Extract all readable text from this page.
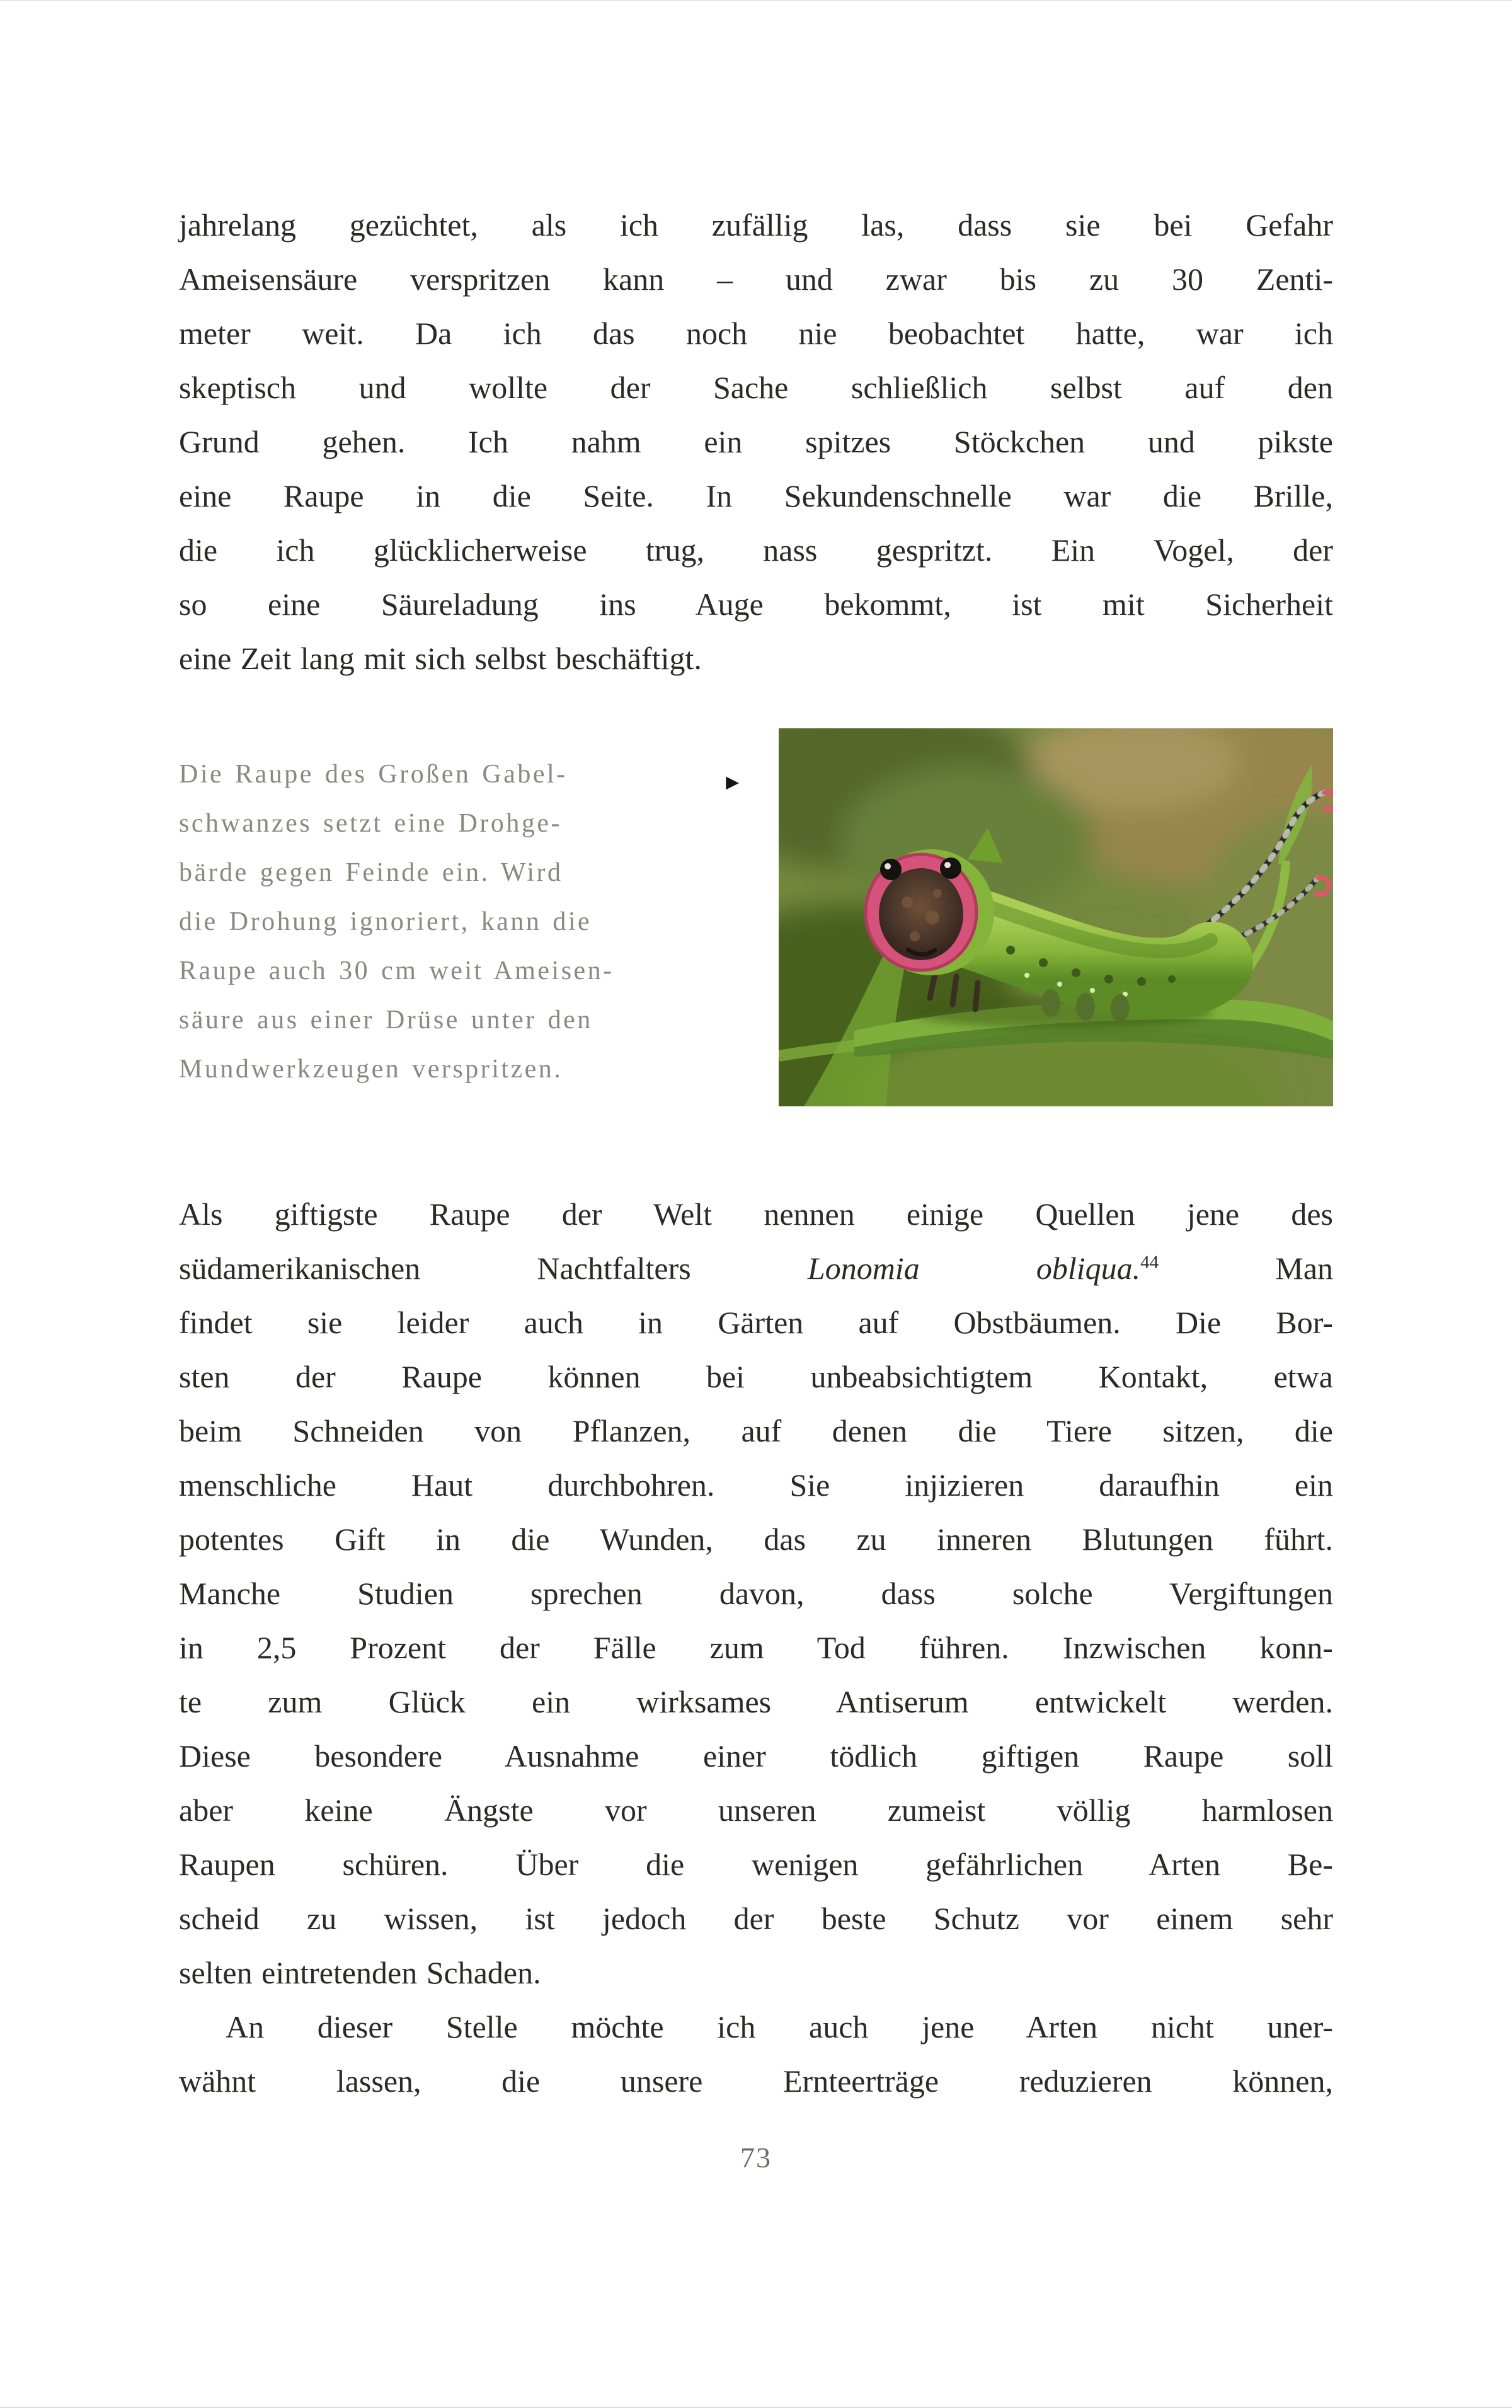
jahrelang gezüchtet, als ich zufällig las, dass sie bei Gefahr
Ameisensäure verspritzen kann – und zwar bis zu 30 Zenti-
meter weit. Da ich das noch nie beobachtet hatte, war ich
skeptisch und wollte der Sache schließlich selbst auf den
Grund gehen. Ich nahm ein spitzes Stöckchen und pikste
eine Raupe in die Seite. In Sekundenschnelle war die Brille,
die ich glücklicherweise trug, nass gespritzt. Ein Vogel, der
so eine Säureladung ins Auge bekommt, ist mit Sicherheit
eine Zeit lang mit sich selbst beschäftigt.
Die Raupe des Großen Gabel-	▶
schwanzes setzt eine Drohge-
bärde gegen Feinde ein. Wird
die Drohung ignoriert, kann die
Raupe auch 30 cm weit Ameisen-
säure aus einer Drüse unter den
Mundwerkzeugen verspritzen.
Als giftigste Raupe der Welt nennen einige Quellen jene des
südamerikanischen Nachtfalters Lonomia obliqua.$^{44}$ Man
findet sie leider auch in Gärten auf Obstbäumen. Die Bor-
sten der Raupe können bei unbeabsichtigtem Kontakt, etwa
beim Schneiden von Pflanzen, auf denen die Tiere sitzen, die
menschliche Haut durchbohren. Sie injizieren daraufhin ein
potentes Gift in die Wunden, das zu inneren Blutungen führt.
Manche Studien sprechen davon, dass solche Vergiftungen
in 2,5 Prozent der Fälle zum Tod führen. Inzwischen konn-
te zum Glück ein wirksames Antiserum entwickelt werden.
Diese besondere Ausnahme einer tödlich giftigen Raupe soll
aber keine Ängste vor unseren zumeist völlig harmlosen
Raupen schüren. Über die wenigen gefährlichen Arten Be-
scheid zu wissen, ist jedoch der beste Schutz vor einem sehr
selten eintretenden Schaden.
An dieser Stelle möchte ich auch jene Arten nicht uner-
wähnt lassen, die unsere Ernteerträge reduzieren können,
73
